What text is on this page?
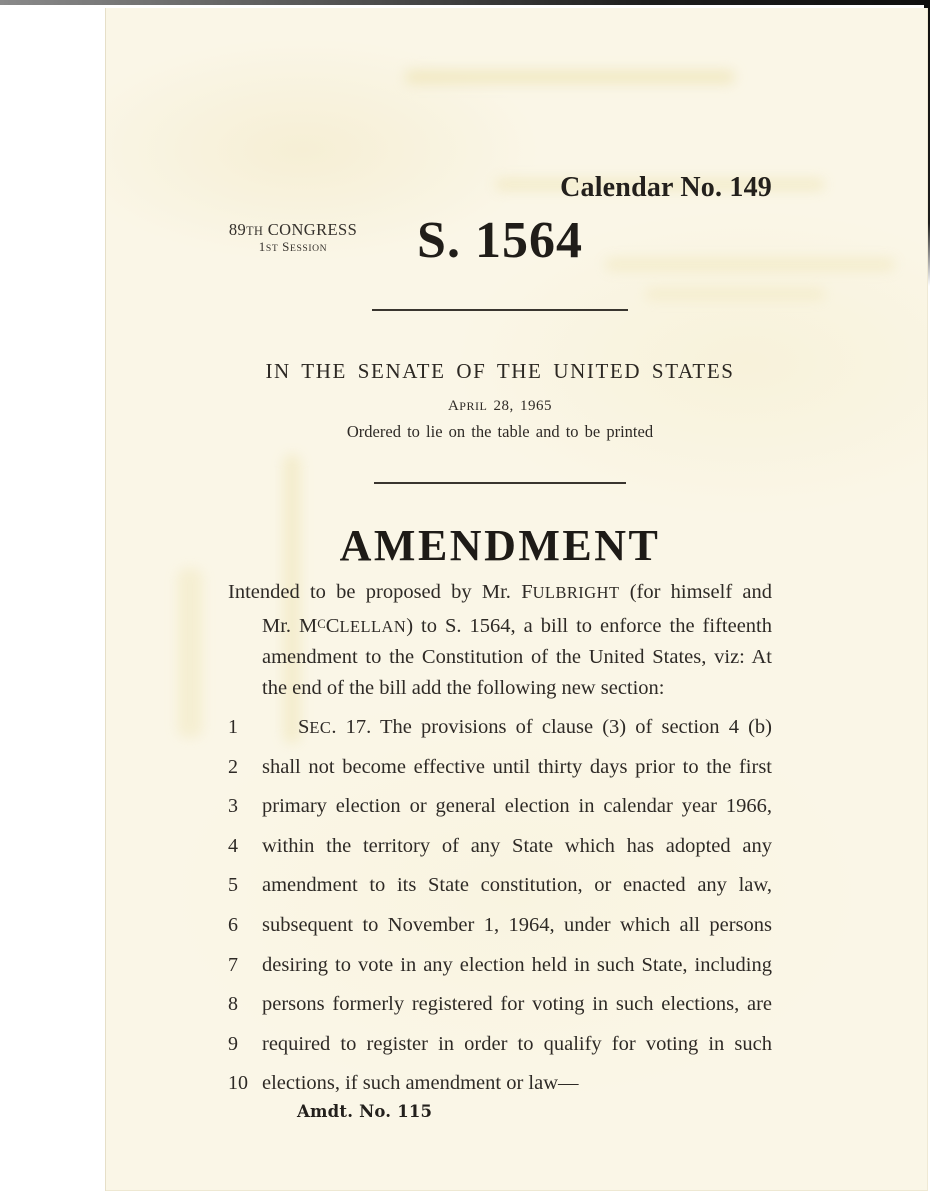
89TH CONGRESS
1ST SESSION
Calendar No. 149
S. 1564
IN THE SENATE OF THE UNITED STATES
APRIL 28, 1965
Ordered to lie on the table and to be printed
AMENDMENT
Intended to be proposed by Mr. FULBRIGHT (for himself and
Mr. MCCLELLAN) to S. 1564, a bill to enforce the fifteenth
amendment to the Constitution of the United States, viz: At
the end of the bill add the following new section:
1	SEC. 17. The provisions of clause (3) of section 4 (b)
2	shall not become effective until thirty days prior to the first
3	primary election or general election in calendar year 1966,
4	within the territory of any State which has adopted any
5	amendment to its State constitution, or enacted any law,
6	subsequent to November 1, 1964, under which all persons
7	desiring to vote in any election held in such State, including
8	persons formerly registered for voting in such elections, are
9	required to register in order to qualify for voting in such
10 elections, if such amendment or law—
Amdt. No. 115
